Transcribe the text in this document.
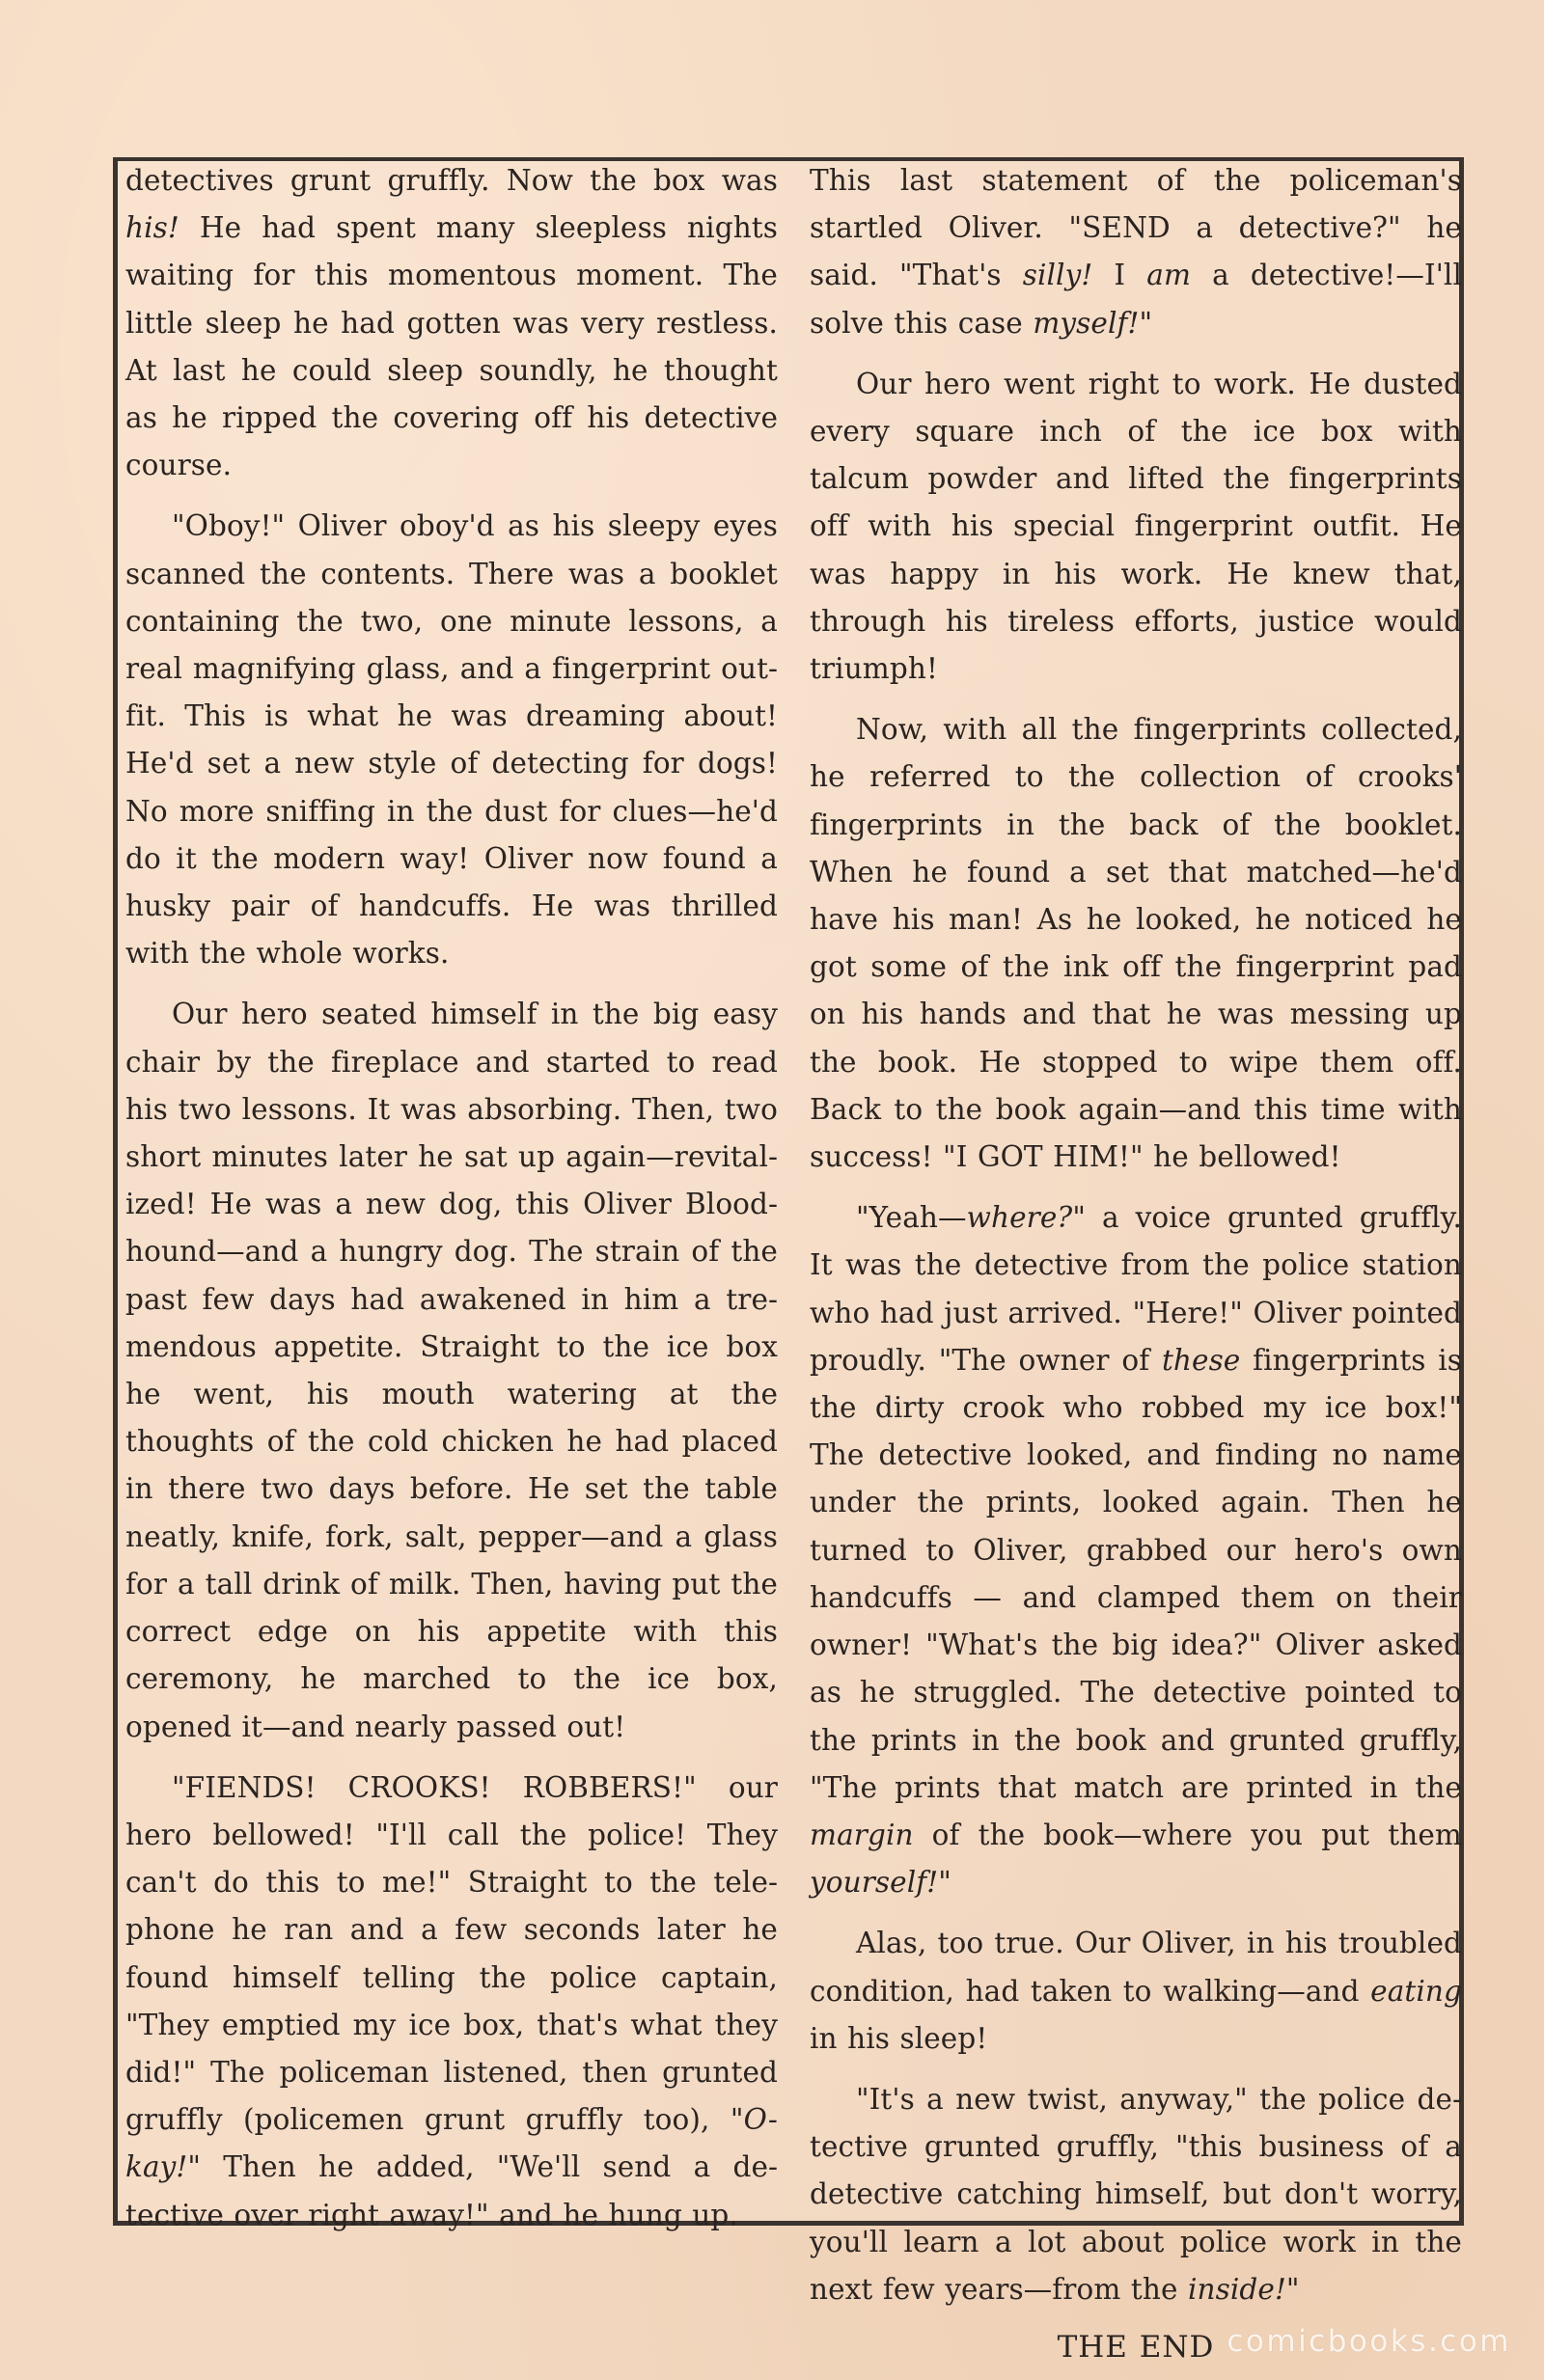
detectives grunt gruffly. Now the box was his! He had spent many sleepless nights waiting for this momentous moment. The little sleep he had gotten was very restless. At last he could sleep soundly, he thought as he ripped the covering off his detective course.

"Oboy!" Oliver oboy'd as his sleepy eyes scanned the contents. There was a booklet containing the two, one minute lessons, a real magnifying glass, and a fingerprint outfit. This is what he was dreaming about! He'd set a new style of detecting for dogs! No more sniffing in the dust for clues—he'd do it the modern way! Oliver now found a husky pair of handcuffs. He was thrilled with the whole works.

Our hero seated himself in the big easy chair by the fireplace and started to read his two lessons. It was absorbing. Then, two short minutes later he sat up again—revitalized! He was a new dog, this Oliver Bloodhound—and a hungry dog. The strain of the past few days had awakened in him a tremendous appetite. Straight to the ice box he went, his mouth watering at the thoughts of the cold chicken he had placed in there two days before. He set the table neatly, knife, fork, salt, pepper—and a glass for a tall drink of milk. Then, having put the correct edge on his appetite with this ceremony, he marched to the ice box, opened it—and nearly passed out!

"FIENDS! CROOKS! ROBBERS!" our hero bellowed! "I'll call the police! They can't do this to me!" Straight to the telephone he ran and a few seconds later he found himself telling the police captain, "They emptied my ice box, that's what they did!" The policeman listened, then grunted gruffly (policemen grunt gruffly too), "O-kay!" Then he added, "We'll send a detective over right away!" and he hung up.

This last statement of the policeman's startled Oliver. "SEND a detective?" he said. "That's silly! I am a detective!—I'll solve this case myself!"

Our hero went right to work. He dusted every square inch of the ice box with talcum powder and lifted the fingerprints off with his special fingerprint outfit. He was happy in his work. He knew that, through his tireless efforts, justice would triumph!

Now, with all the fingerprints collected, he referred to the collection of crooks' fingerprints in the back of the booklet. When he found a set that matched—he'd have his man! As he looked, he noticed he got some of the ink off the fingerprint pad on his hands and that he was messing up the book. He stopped to wipe them off. Back to the book again—and this time with success! "I GOT HIM!" he bellowed!

"Yeah—where?" a voice grunted gruffly. It was the detective from the police station who had just arrived. "Here!" Oliver pointed proudly. "The owner of these fingerprints is the dirty crook who robbed my ice box!" The detective looked, and finding no name under the prints, looked again. Then he turned to Oliver, grabbed our hero's own handcuffs — and clamped them on their owner! "What's the big idea?" Oliver asked as he struggled. The detective pointed to the prints in the book and grunted gruffly, "The prints that match are printed in the margin of the book—where you put them yourself!"

Alas, too true. Our Oliver, in his troubled condition, had taken to walking—and eating in his sleep!

"It's a new twist, anyway," the police detective grunted gruffly, "this business of a detective catching himself, but don't worry, you'll learn a lot about police work in the next few years—from the inside!"

THE END comicbooks.com
